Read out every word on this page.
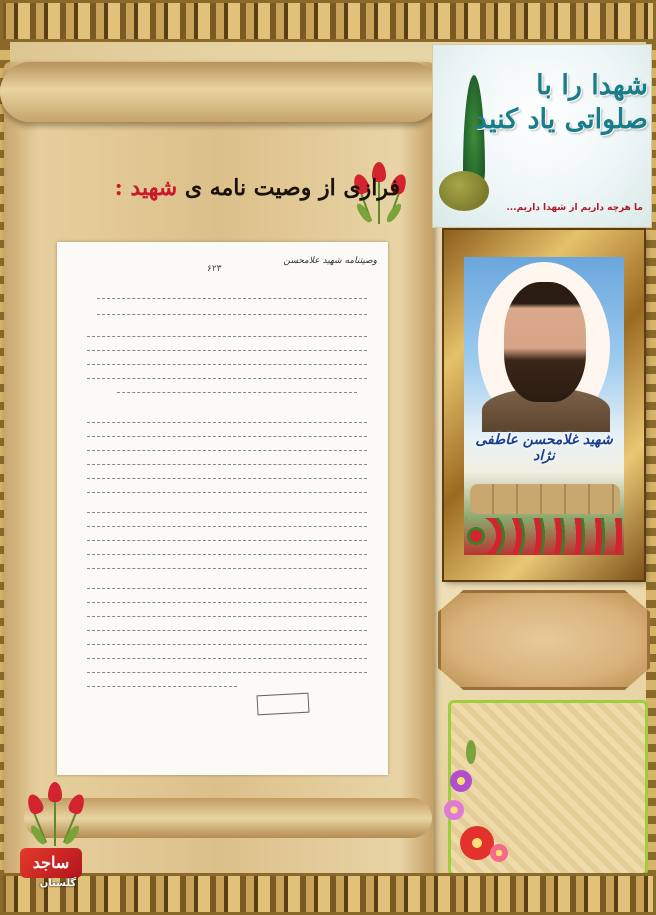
فرازی از وصیت نامه ی شهید :
وصیتنامه شهید علامحسن
۶۲۳
شهدا را با
صلواتی یاد کنید
ما هرچه داریم از شهدا داریم...
شهید غلامحسن عاطفی نژاد
ساجد
گلستان
